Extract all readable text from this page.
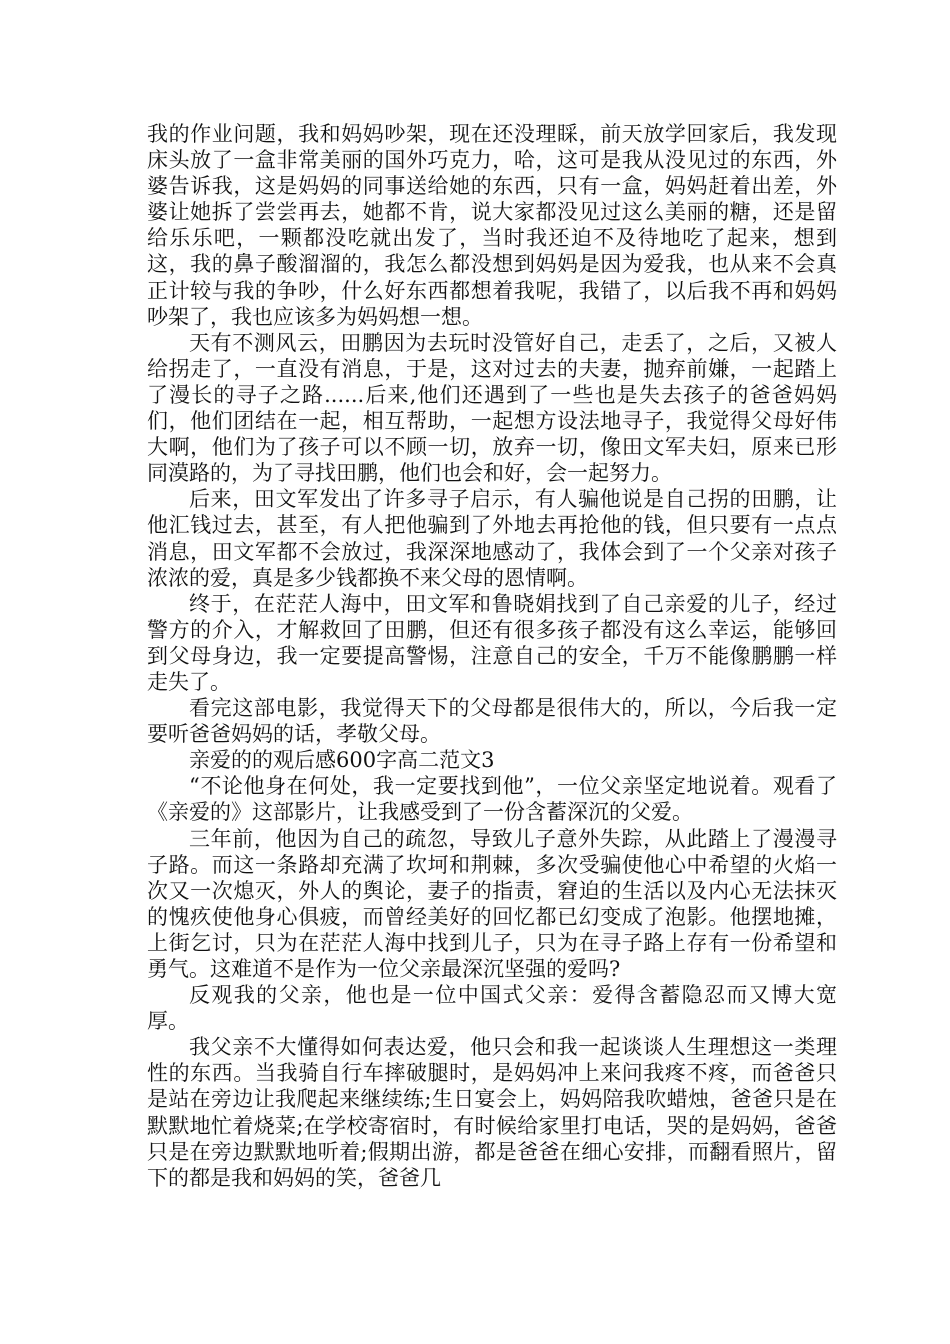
我的作业问题，我和妈妈吵架，现在还没理睬，前天放学回家后，我发现床头放了一盒非常美丽的国外巧克力，哈，这可是我从没见过的东西，外婆告诉我，这是妈妈的同事送给她的东西，只有一盒，妈妈赶着出差，外婆让她拆了尝尝再去，她都不肯，说大家都没见过这么美丽的糖，还是留给乐乐吧，一颗都没吃就出发了，当时我还迫不及待地吃了起来，想到这，我的鼻子酸溜溜的，我怎么都没想到妈妈是因为爱我，也从来不会真正计较与我的争吵，什么好东西都想着我呢，我错了，以后我不再和妈妈吵架了，我也应该多为妈妈想一想。

天有不测风云，田鹏因为去玩时没管好自己，走丢了，之后，又被人给拐走了，一直没有消息，于是，这对过去的夫妻，抛弃前嫌，一起踏上了漫长的寻子之路......后来,他们还遇到了一些也是失去孩子的爸爸妈妈们，他们团结在一起，相互帮助，一起想方设法地寻子，我觉得父母好伟大啊，他们为了孩子可以不顾一切，放弃一切，像田文军夫妇，原来已形同漠路的，为了寻找田鹏，他们也会和好，会一起努力。

后来，田文军发出了许多寻子启示，有人骗他说是自己拐的田鹏，让他汇钱过去，甚至，有人把他骗到了外地去再抢他的钱，但只要有一点点消息，田文军都不会放过，我深深地感动了，我体会到了一个父亲对孩子浓浓的爱，真是多少钱都换不来父母的恩情啊。

终于，在茫茫人海中，田文军和鲁晓娟找到了自己亲爱的儿子，经过警方的介入，才解救回了田鹏，但还有很多孩子都没有这么幸运，能够回到父母身边，我一定要提高警惕，注意自己的安全，千万不能像鹏鹏一样走失了。

看完这部电影，我觉得天下的父母都是很伟大的，所以，今后我一定要听爸爸妈妈的话，孝敬父母。

亲爱的的观后感600字高二范文3

“不论他身在何处，我一定要找到他”，一位父亲坚定地说着。观看了《亲爱的》这部影片，让我感受到了一份含蓄深沉的父爱。

三年前，他因为自己的疏忽，导致儿子意外失踪，从此踏上了漫漫寻子路。而这一条路却充满了坎坷和荆棘，多次受骗使他心中希望的火焰一次又一次熄灭，外人的舆论，妻子的指责，窘迫的生活以及内心无法抹灭的愧疚使他身心俱疲，而曾经美好的回忆都已幻变成了泡影。他摆地摊，上街乞讨，只为在茫茫人海中找到儿子，只为在寻子路上存有一份希望和勇气。这难道不是作为一位父亲最深沉坚强的爱吗?

反观我的父亲，他也是一位中国式父亲：爱得含蓄隐忍而又博大宽厚。

我父亲不大懂得如何表达爱，他只会和我一起谈谈人生理想这一类理性的东西。当我骑自行车摔破腿时，是妈妈冲上来问我疼不疼，而爸爸只是站在旁边让我爬起来继续练;生日宴会上，妈妈陪我吹蜡烛，爸爸只是在默默地忙着烧菜;在学校寄宿时，有时候给家里打电话，哭的是妈妈，爸爸只是在旁边默默地听着;假期出游，都是爸爸在细心安排，而翻看照片，留下的都是我和妈妈的笑，爸爸几
